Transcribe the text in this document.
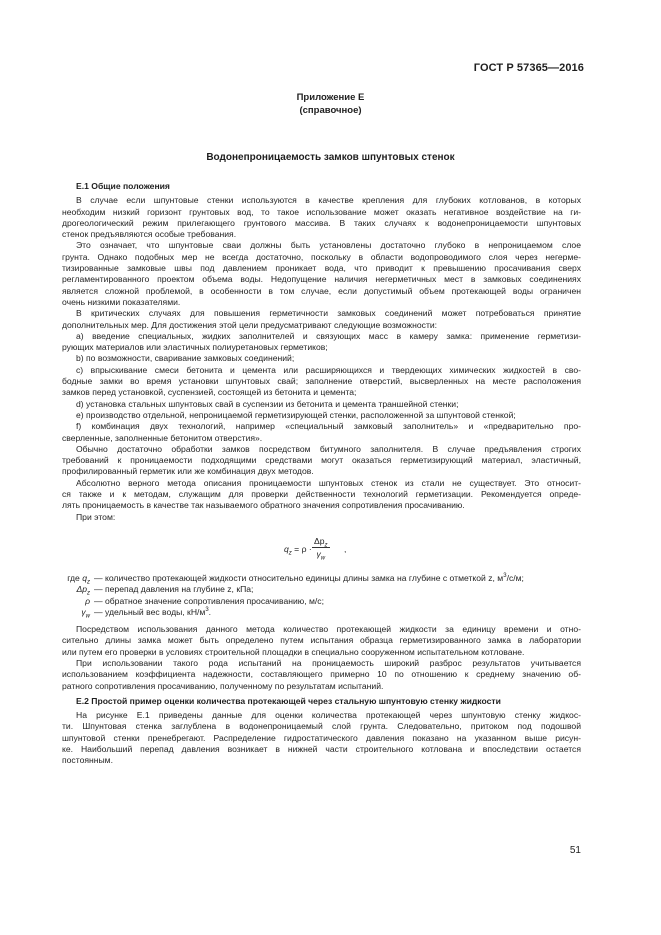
ГОСТ Р 57365—2016
Приложение Е
(справочное)
Водонепроницаемость замков шпунтовых стенок
Е.1 Общие положения
В случае если шпунтовые стенки используются в качестве крепления для глубоких котлованов, в которых
необходим низкий горизонт грунтовых вод, то такое использование может оказать негативное воздействие на ги-
дрогеологический режим прилегающего грунтового массива. В таких случаях к водонепроницаемости шпунтовых
стенок предъявляются особые требования.
Это означает, что шпунтовые сваи должны быть установлены достаточно глубоко в непроницаемом слое
грунта. Однако подобных мер не всегда достаточно, поскольку в области водопроводимого слоя через негерме-
тизированные замковые швы под давлением проникает вода, что приводит к превышению просачивания сверх
регламентированного проектом объема воды. Недопущение наличия негерметичных мест в замковых соединениях
является сложной проблемой, в особенности в том случае, если допустимый объем протекающей воды ограничен
очень низкими показателями.
В критических случаях для повышения герметичности замковых соединений может потребоваться принятие
дополнительных мер. Для достижения этой цели предусматривают следующие возможности:
а) введение специальных, жидких заполнителей и связующих масс в камеру замка: применение герметизи-
рующих материалов или эластичных полиуретановых герметиков;
b) по возможности, сваривание замковых соединений;
с) впрыскивание смеси бетонита и цемента или расширяющихся и твердеющих химических жидкостей в сво-
бодные замки во время установки шпунтовых свай; заполнение отверстий, высверленных на месте расположения
замков перед установкой, суспензией, состоящей из бетонита и цемента;
d) установка стальных шпунтовых свай в суспензии из бетонита и цемента траншейной стенки;
е) производство отдельной, непроницаемой герметизирующей стенки, расположенной за шпунтовой стенкой;
f) комбинация двух технологий, например «специальный замковый заполнитель» и «предварительно про-
сверленные, заполненные бетонитом отверстия».
Обычно достаточно обработки замков посредством битумного заполнителя. В случае предъявления строгих
требований к проницаемости подходящими средствами могут оказаться герметизирующий материал, эластичный,
профилированный герметик или же комбинация двух методов.
Абсолютно верного метода описания проницаемости шпунтовых стенок из стали не существует. Это относит-
ся также и к методам, служащим для проверки действенности технологий герметизации. Рекомендуется опреде-
лять проницаемость в качестве так называемого обратного значения сопротивления просачиванию.
При этом:
$q_z = \rho$ ·
$\Delta p_z$
$\gamma_w$
,
где $q_z$ — количество протекающей жидкости относительно единицы длины замка на глубине с отметкой z, $м^3/с/м$;
$\Delta p_z$ — перепад давления на глубине z, кПа;
ρ — обратное значение сопротивления просачиванию, м/с;
$\gamma_w$ — удельный вес воды, $кН/м^3$.
Посредством использования данного метода количество протекающей жидкости за единицу времени и отно-
сительно длины замка может быть определено путем испытания образца герметизированного замка в лаборатории
или путем его проверки в условиях строительной площадки в специально сооруженном испытательном котловане.
При использовании такого рода испытаний на проницаемость широкий разброс результатов учитывается
использованием коэффициента надежности, составляющего примерно 10 по отношению к среднему значению об-
ратного сопротивления просачиванию, полученному по результатам испытаний.
Е.2 Простой пример оценки количества протекающей через стальную шпунтовую стенку жидкости
На рисунке Е.1 приведены данные для оценки количества протекающей через шпунтовую стенку жидкос-
ти. Шпунтовая стенка заглублена в водонепроницаемый слой грунта. Следовательно, притоком под подошвой
шпунтовой стенки пренебрегают. Распределение гидростатического давления показано на указанном выше рисун-
ке. Наибольший перепад давления возникает в нижней части строительного котлована и впоследствии остается
постоянным.
51
